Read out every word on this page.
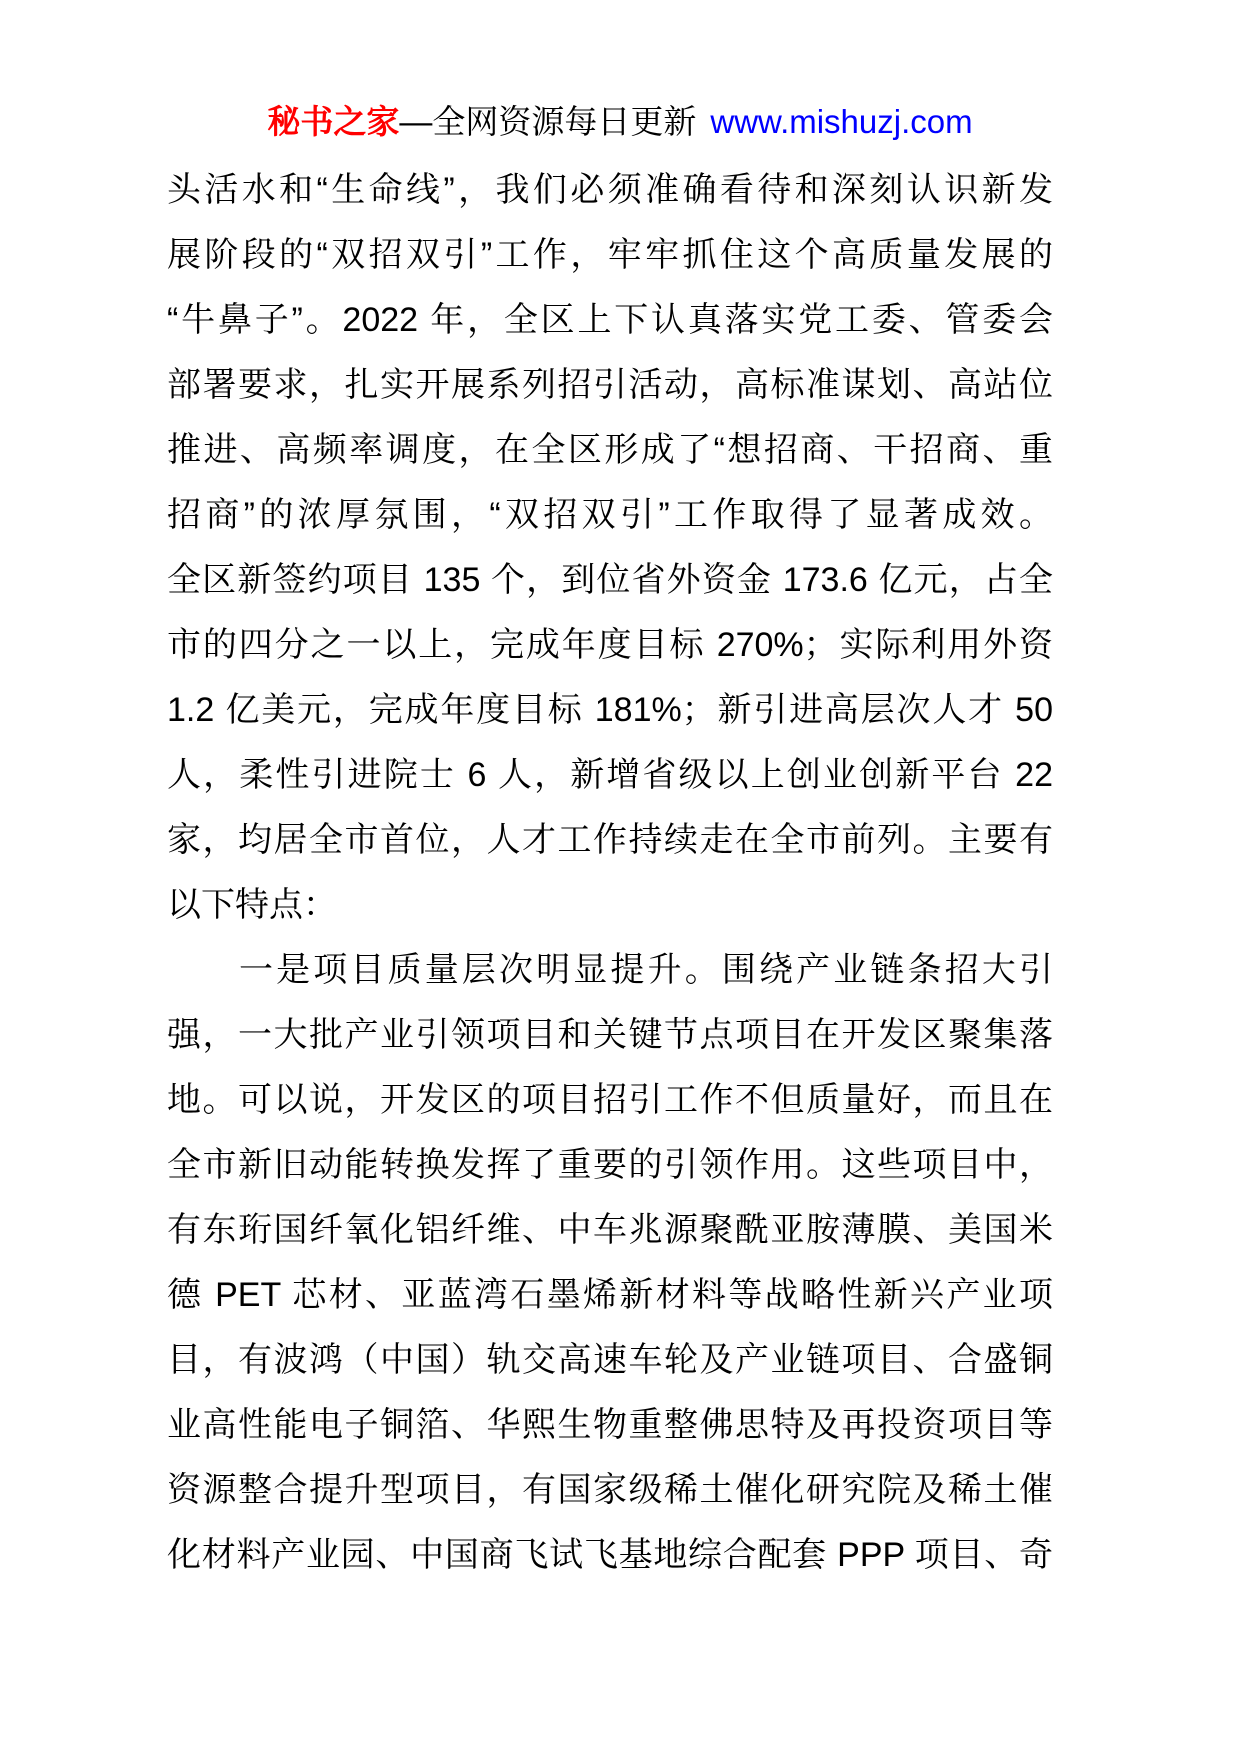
秘书之家—全网资源每日更新 www.mishuzj.com
头活水和“生命线”，我们必须准确看待和深刻认识新发
展阶段的“双招双引”工作，牢牢抓住这个高质量发展的
“牛鼻子”。2022 年，全区上下认真落实党工委、管委会
部署要求，扎实开展系列招引活动，高标准谋划、高站位
推进、高频率调度，在全区形成了“想招商、干招商、重
招商”的浓厚氛围，“双招双引”工作取得了显著成效。
全区新签约项目 135 个，到位省外资金 173.6 亿元，占全
市的四分之一以上，完成年度目标 270%；实际利用外资
1.2 亿美元，完成年度目标 181%；新引进高层次人才 50
人，柔性引进院士 6 人，新增省级以上创业创新平台 22
家，均居全市首位，人才工作持续走在全市前列。主要有
以下特点：
一是项目质量层次明显提升。围绕产业链条招大引
强，一大批产业引领项目和关键节点项目在开发区聚集落
地。可以说，开发区的项目招引工作不但质量好，而且在
全市新旧动能转换发挥了重要的引领作用。这些项目中，
有东珩国纤氧化铝纤维、中车兆源聚酰亚胺薄膜、美国米
德 PET 芯材、亚蓝湾石墨烯新材料等战略性新兴产业项
目，有波鸿（中国）轨交高速车轮及产业链项目、合盛铜
业高性能电子铜箔、华熙生物重整佛思特及再投资项目等
资源整合提升型项目，有国家级稀土催化研究院及稀土催
化材料产业园、中国商飞试飞基地综合配套 PPP 项目、奇
